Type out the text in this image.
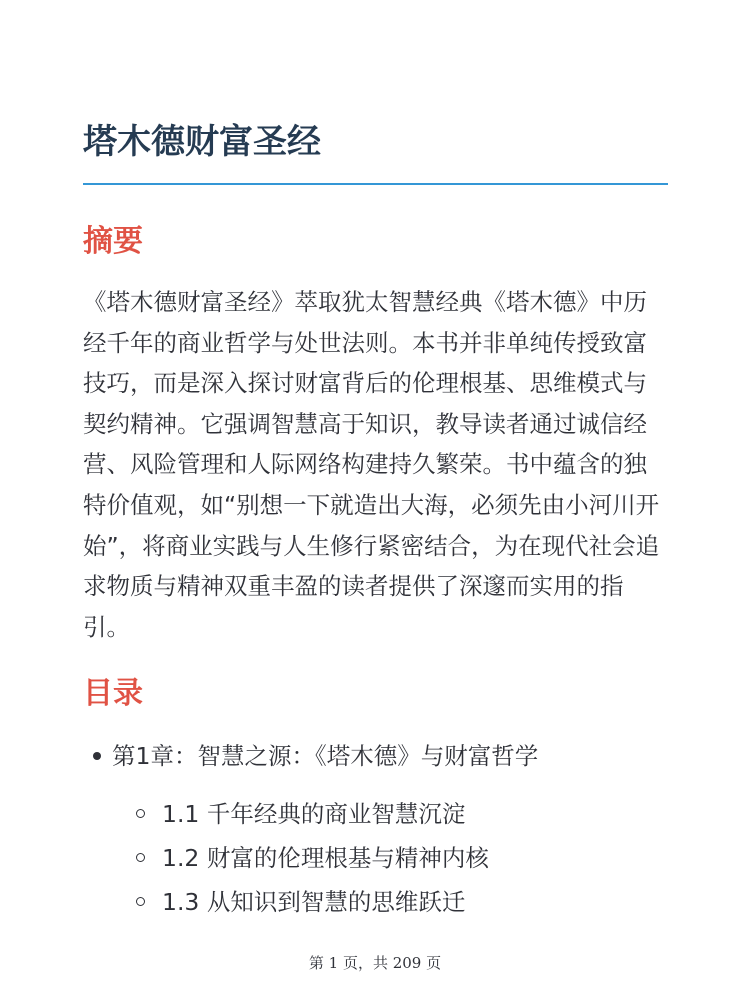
塔木德财富圣经
摘要

《塔木德财富圣经》萃取犹太智慧经典《塔木德》中历经千年的商业哲学与处世法则。本书并非单纯传授致富技巧，而是深入探讨财富背后的伦理根基、思维模式与契约精神。它强调智慧高于知识，教导读者通过诚信经营、风险管理和人际网络构建持久繁荣。书中蕴含的独特价值观，如“别想一下就造出大海，必须先由小河川开始”，将商业实践与人生修行紧密结合，为在现代社会追求物质与精神双重丰盈的读者提供了深邃而实用的指引。

目录
第1章：智慧之源：《塔木德》与财富哲学
1.1 千年经典的商业智慧沉淀
1.2 财富的伦理根基与精神内核
1.3 从知识到智慧的思维跃迁
第 1 页，共 209 页
